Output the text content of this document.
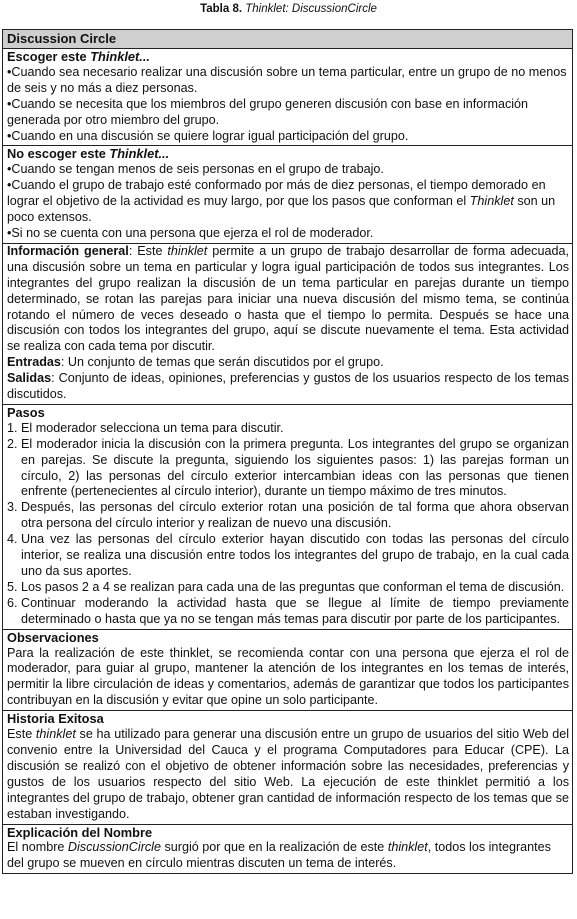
Tabla 8. Thinklet: DiscussionCircle
Discussion Circle

Escoger este Thinklet...

•Cuando sea necesario realizar una discusión sobre un tema particular, entre un grupo de no menos de seis y no más a diez personas.

•Cuando se necesita que los miembros del grupo generen discusión con base en información generada por otro miembro del grupo.

•Cuando en una discusión se quiere lograr igual participación del grupo.

No escoger este Thinklet...

•Cuando se tengan menos de seis personas en el grupo de trabajo.

•Cuando el grupo de trabajo esté conformado por más de diez personas, el tiempo demorado en lograr el objetivo de la actividad es muy largo, por que los pasos que conforman el Thinklet son un poco extensos.

•Si no se cuenta con una persona que ejerza el rol de moderador.

Información general: Este thinklet permite a un grupo de trabajo desarrollar de forma adecuada, una discusión sobre un tema en particular y logra igual participación de todos sus integrantes. Los integrantes del grupo realizan la discusión de un tema particular en parejas durante un tiempo determinado, se rotan las parejas para iniciar una nueva discusión del mismo tema, se continúa rotando el número de veces deseado o hasta que el tiempo lo permita. Después se hace una discusión con todos los integrantes del grupo, aquí se discute nuevamente el tema. Esta actividad se realiza con cada tema por discutir.

Entradas: Un conjunto de temas que serán discutidos por el grupo.

Salidas: Conjunto de ideas, opiniones, preferencias y gustos de los usuarios respecto de los temas discutidos.

Pasos
1. El moderador selecciona un tema para discutir.
2. El moderador inicia la discusión con la primera pregunta. Los integrantes del grupo se organizan en parejas. Se discute la pregunta, siguiendo los siguientes pasos: 1) las parejas forman un círculo, 2) las personas del círculo exterior intercambian ideas con las personas que tienen enfrente (pertenecientes al círculo interior), durante un tiempo máximo de tres minutos.
3. Después, las personas del círculo exterior rotan una posición de tal forma que ahora observan otra persona del círculo interior y realizan de nuevo una discusión.
4. Una vez las personas del círculo exterior hayan discutido con todas las personas del círculo interior, se realiza una discusión entre todos los integrantes del grupo de trabajo, en la cual cada uno da sus aportes.
5. Los pasos 2 a 4 se realizan para cada una de las preguntas que conforman el tema de discusión.
6. Continuar moderando la actividad hasta que se llegue al límite de tiempo previamente determinado o hasta que ya no se tengan más temas para discutir por parte de los participantes.

Observaciones

Para la realización de este thinklet, se recomienda contar con una persona que ejerza el rol de moderador, para guiar al grupo, mantener la atención de los integrantes en los temas de interés, permitir la libre circulación de ideas y comentarios, además de garantizar que todos los participantes contribuyan en la discusión y evitar que opine un solo participante.

Historia Exitosa

Este thinklet se ha utilizado para generar una discusión entre un grupo de usuarios del sitio Web del convenio entre la Universidad del Cauca y el programa Computadores para Educar (CPE). La discusión se realizó con el objetivo de obtener información sobre las necesidades, preferencias y gustos de los usuarios respecto del sitio Web. La ejecución de este thinklet permitió a los integrantes del grupo de trabajo, obtener gran cantidad de información respecto de los temas que se estaban investigando.

Explicación del Nombre

El nombre DiscussionCircle surgió por que en la realización de este thinklet, todos los integrantes del grupo se mueven en círculo mientras discuten un tema de interés.
